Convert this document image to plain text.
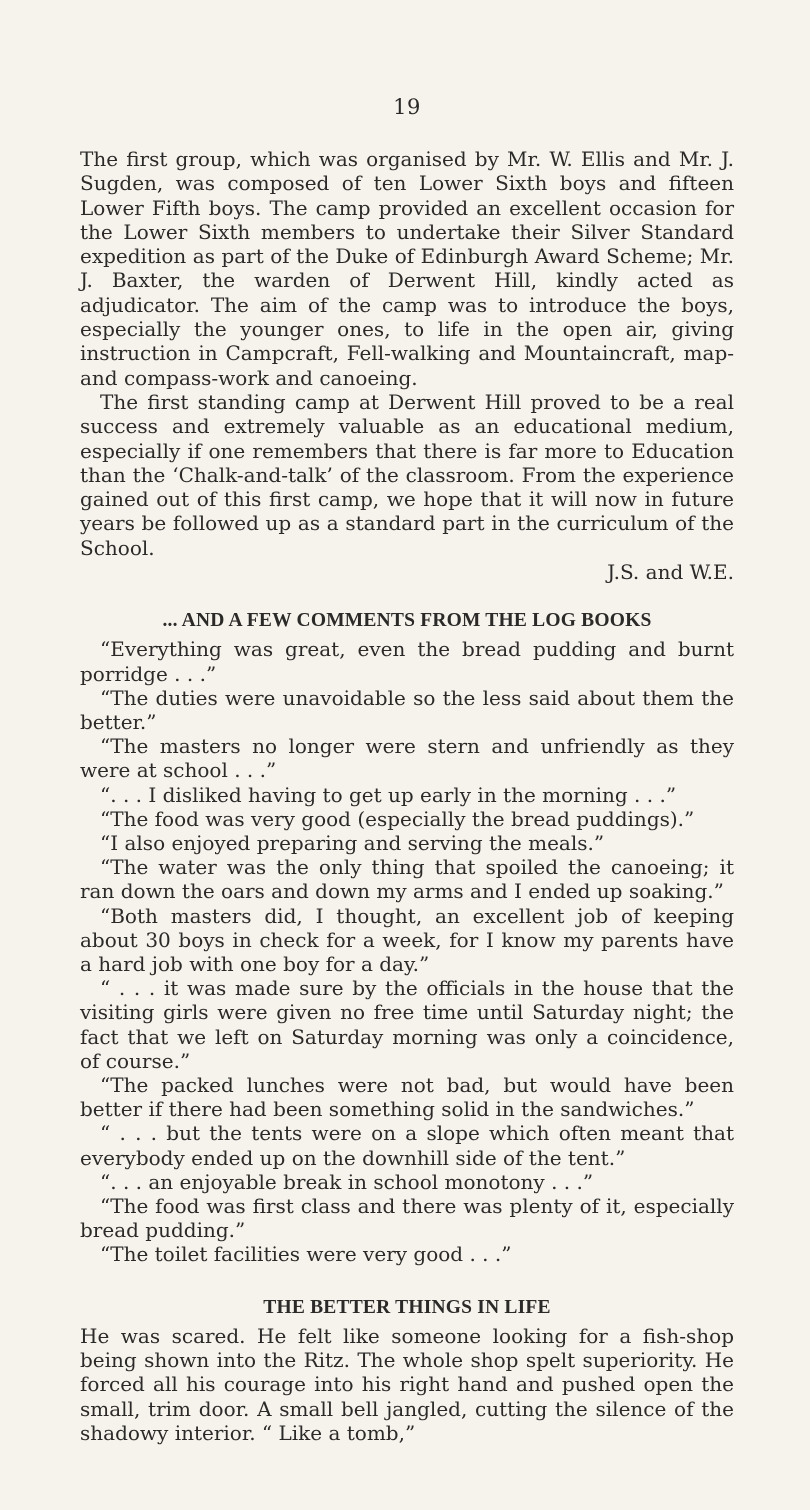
19

The first group, which was organised by Mr. W. Ellis and Mr. J. Sugden, was composed of ten Lower Sixth boys and fifteen Lower Fifth boys. The camp provided an excellent occasion for the Lower Sixth members to undertake their Silver Standard expedition as part of the Duke of Edinburgh Award Scheme; Mr. J. Baxter, the warden of Derwent Hill, kindly acted as adjudicator. The aim of the camp was to introduce the boys, especially the younger ones, to life in the open air, giving instruction in Campcraft, Fell-walking and Mountaincraft, map- and compass-work and canoeing.

The first standing camp at Derwent Hill proved to be a real success and extremely valuable as an educational medium, especially if one remembers that there is far more to Education than the ‘Chalk-and-talk’ of the classroom. From the experience gained out of this first camp, we hope that it will now in future years be followed up as a standard part in the curriculum of the School.

J.S. and W.E.

... AND A FEW COMMENTS FROM THE LOG BOOKS

“Everything was great, even the bread pudding and burnt porridge . . .”

“The duties were unavoidable so the less said about them the better.”

“The masters no longer were stern and unfriendly as they were at school . . .”

“. . . I disliked having to get up early in the morning . . .”

“The food was very good (especially the bread puddings).”

“I also enjoyed preparing and serving the meals.”

“The water was the only thing that spoiled the canoeing; it ran down the oars and down my arms and I ended up soaking.”

“Both masters did, I thought, an excellent job of keeping about 30 boys in check for a week, for I know my parents have a hard job with one boy for a day.”

“ . . . it was made sure by the officials in the house that the visiting girls were given no free time until Saturday night; the fact that we left on Saturday morning was only a coincidence, of course.”

“The packed lunches were not bad, but would have been better if there had been something solid in the sandwiches.”

“ . . . but the tents were on a slope which often meant that everybody ended up on the downhill side of the tent.”

“. . . an enjoyable break in school monotony . . .”

“The food was first class and there was plenty of it, especially bread pudding.”

“The toilet facilities were very good . . .”

THE BETTER THINGS IN LIFE

He was scared. He felt like someone looking for a fish-shop being shown into the Ritz. The whole shop spelt superiority. He forced all his courage into his right hand and pushed open the small, trim door. A small bell jangled, cutting the silence of the shadowy interior. “ Like a tomb,”
